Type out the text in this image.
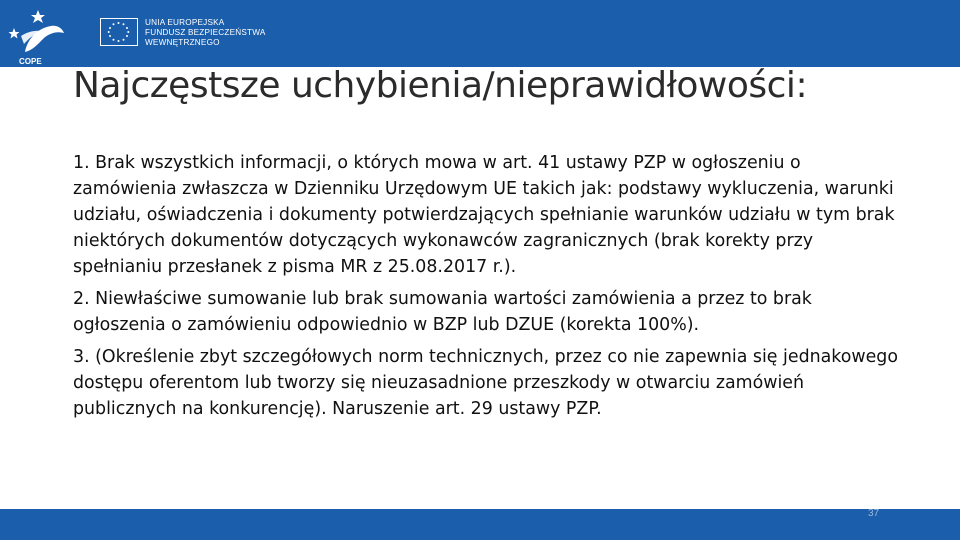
COPE
UNIA EUROPEJSKA
FUNDUSZ BEZPIECZEŃSTWA
WEWNĘTRZNEGO
Najczęstsze uchybienia/nieprawidłowości:

1. Brak wszystkich informacji, o których mowa w art. 41 ustawy PZP w ogłoszeniu o zamówienia zwłaszcza w Dzienniku Urzędowym UE takich jak: podstawy wykluczenia, warunki udziału, oświadczenia i dokumenty potwierdzających spełnianie warunków udziału w tym brak niektórych dokumentów dotyczących wykonawców zagranicznych (brak korekty przy spełnianiu przesłanek z pisma MR z 25.08.2017 r.).

2. Niewłaściwe sumowanie lub brak sumowania wartości zamówienia a przez to brak ogłoszenia o zamówieniu odpowiednio w BZP lub DZUE (korekta 100%).

3. (Określenie zbyt szczegółowych norm technicznych, przez co nie zapewnia się jednakowego dostępu oferentom lub tworzy się nieuzasadnione przeszkody w otwarciu zamówień publicznych na konkurencję). Naruszenie art. 29 ustawy PZP.

37
